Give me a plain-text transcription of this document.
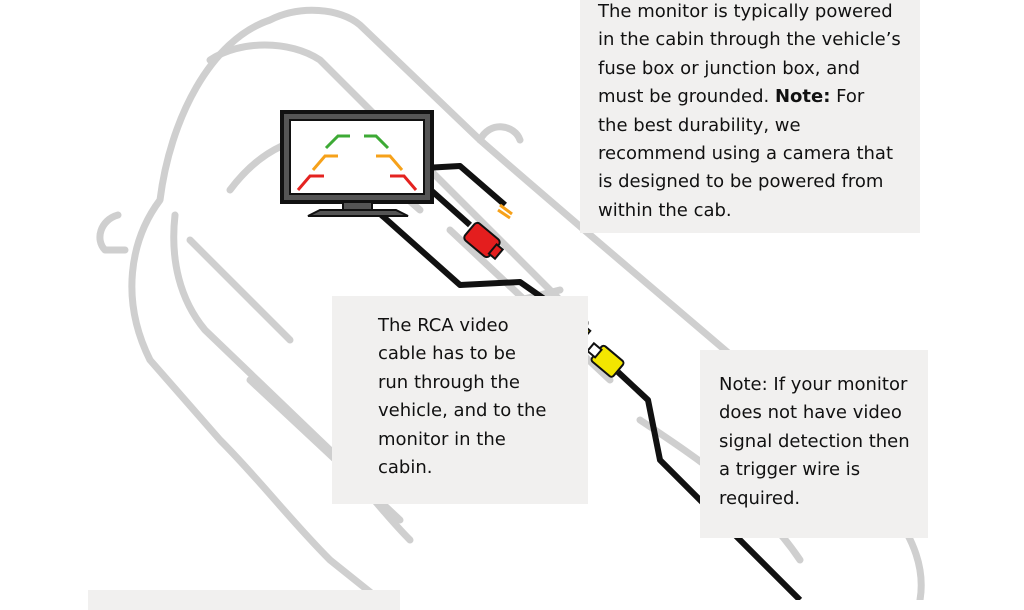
The monitor is typically powered
in the cabin through the vehicle’s
fuse box or junction box, and
must be grounded. Note: For
the best durability, we
recommend using a camera that
is designed to be powered from
within the cab.
The RCA video
cable has to be
run through the
vehicle, and to the
monitor in the
cabin.
Note: If your monitor
does not have video
signal detection then
a trigger wire is
required.
